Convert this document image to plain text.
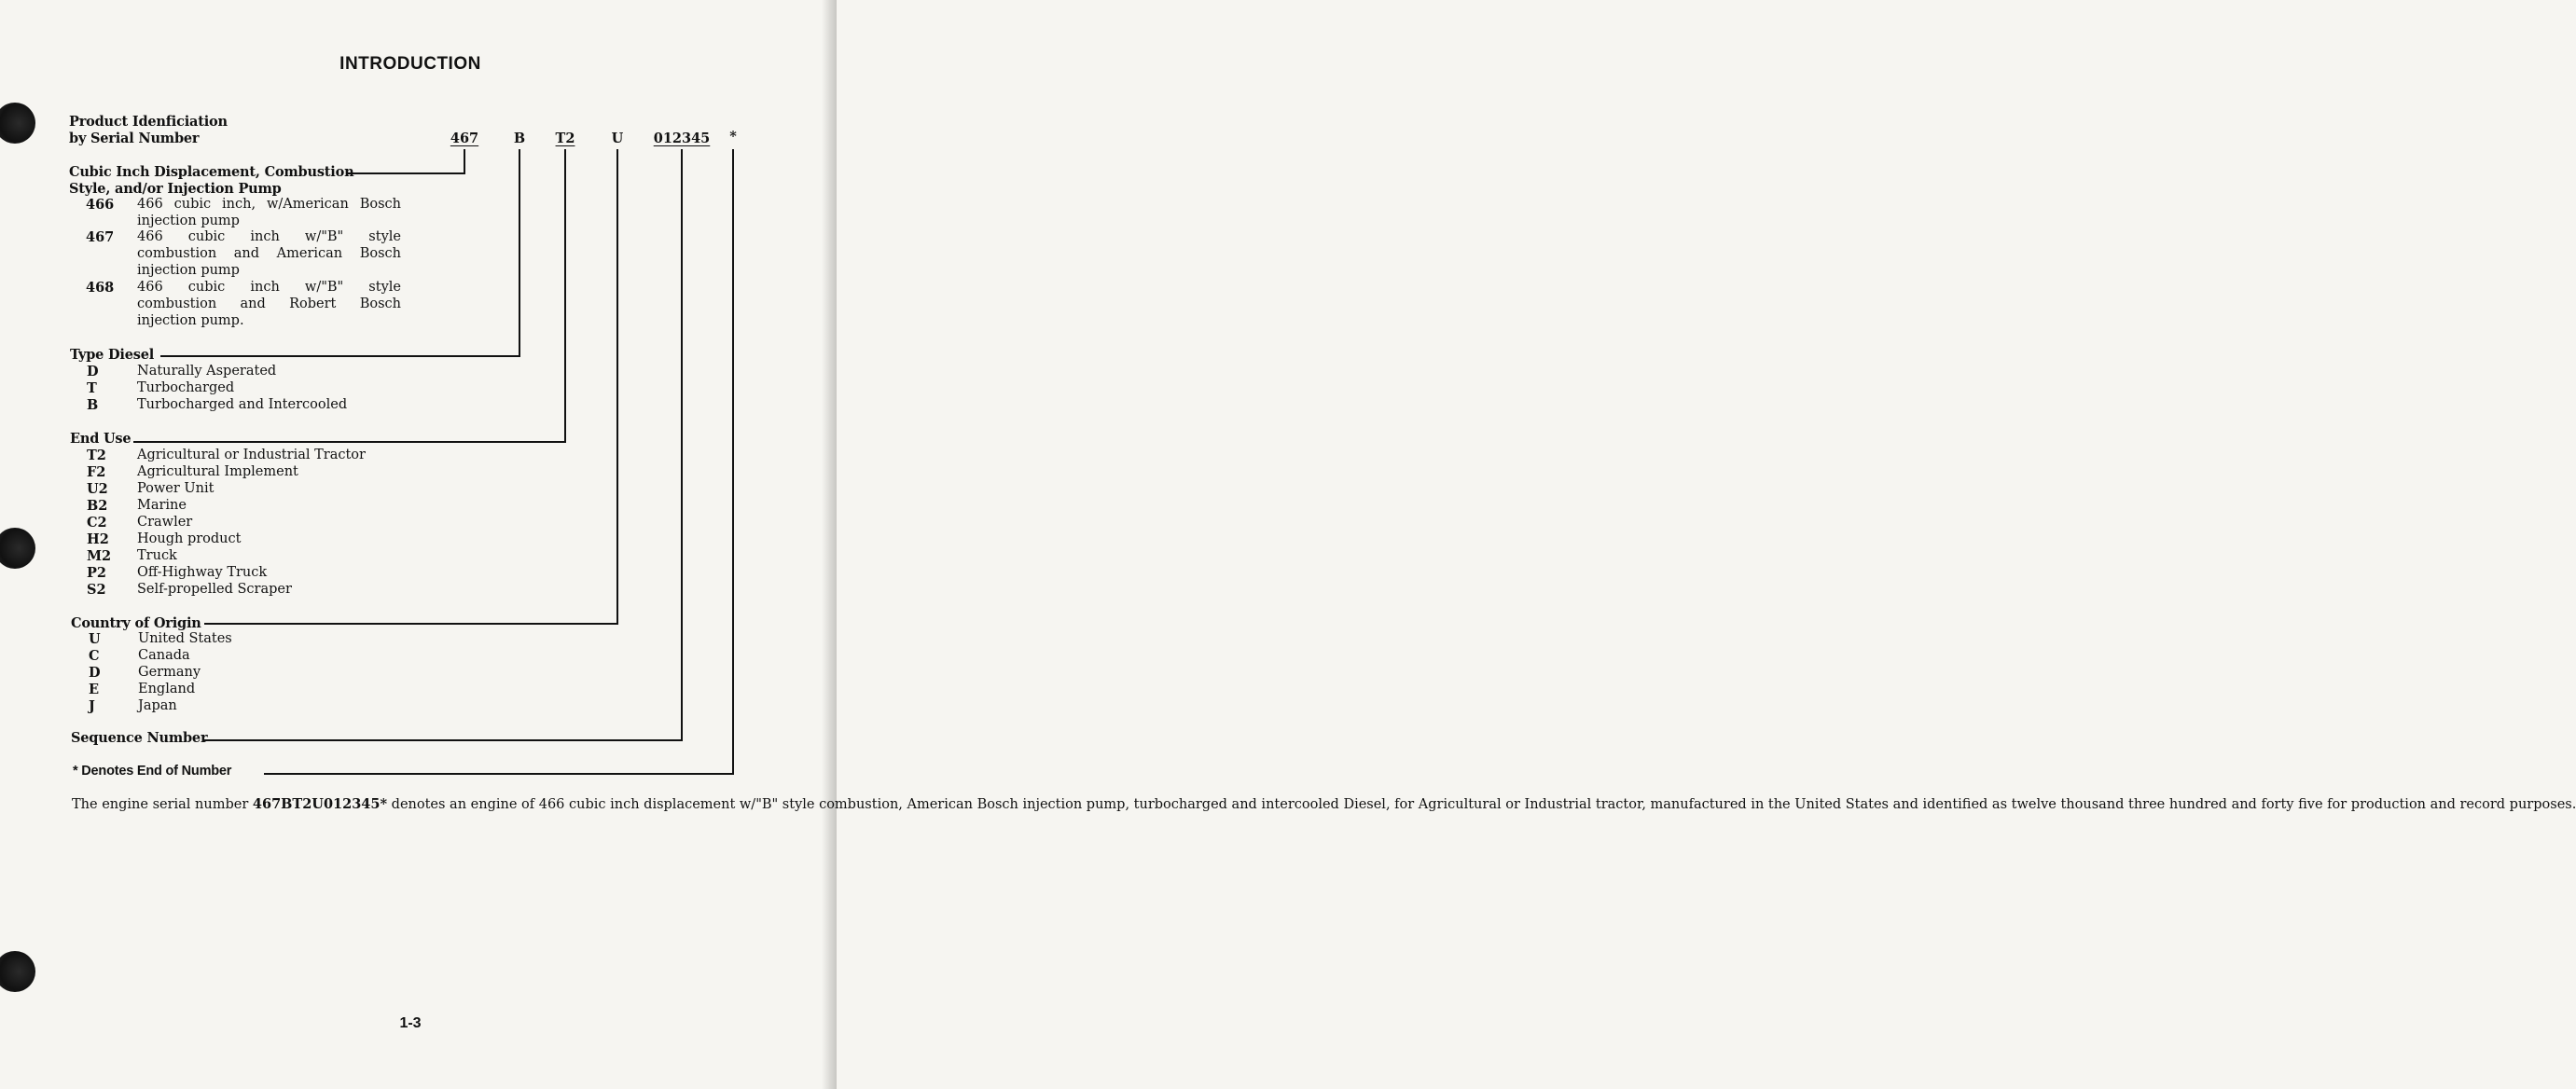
INTRODUCTION
Product Idenficiation
by Serial Number	467	B T2	U 012345 *
Cubic Inch Displacement, Combustion
Style, and/or Injection Pump
466 466 cubic inch, w/American Bosch
injection pump
467 466 cubic inch w/"B" style
combustion and American Bosch
injection pump
468 466 cubic inch w/"B" style
combustion and Robert Bosch
injection pump.
Type Diesel
D	Naturally Asperated
T	Turbocharged
B	Turbocharged and Intercooled
End Use
T2 Agricultural or Industrial Tractor
F2 Agricultural Implement
U2 Power Unit
B2 Marine
C2 Crawler
H2 Hough product
M2 Truck
P2 Off-Highway Truck
S2 Self-propelled Scraper
Country of Origin
U	United States
C	Canada
D	Germany
E	England
J	Japan
Sequence Number
* Denotes End of Number
The engine serial number 467BT2U012345* denotes an engine of 466 cubic inch displacement w/"B" style combustion, American Bosch injection pump, turbocharged and intercooled Diesel, for Agricultural or Industrial tractor, manufactured in the United States and identified as twelve thousand three hundred and forty five for production and record purposes.
1-3
